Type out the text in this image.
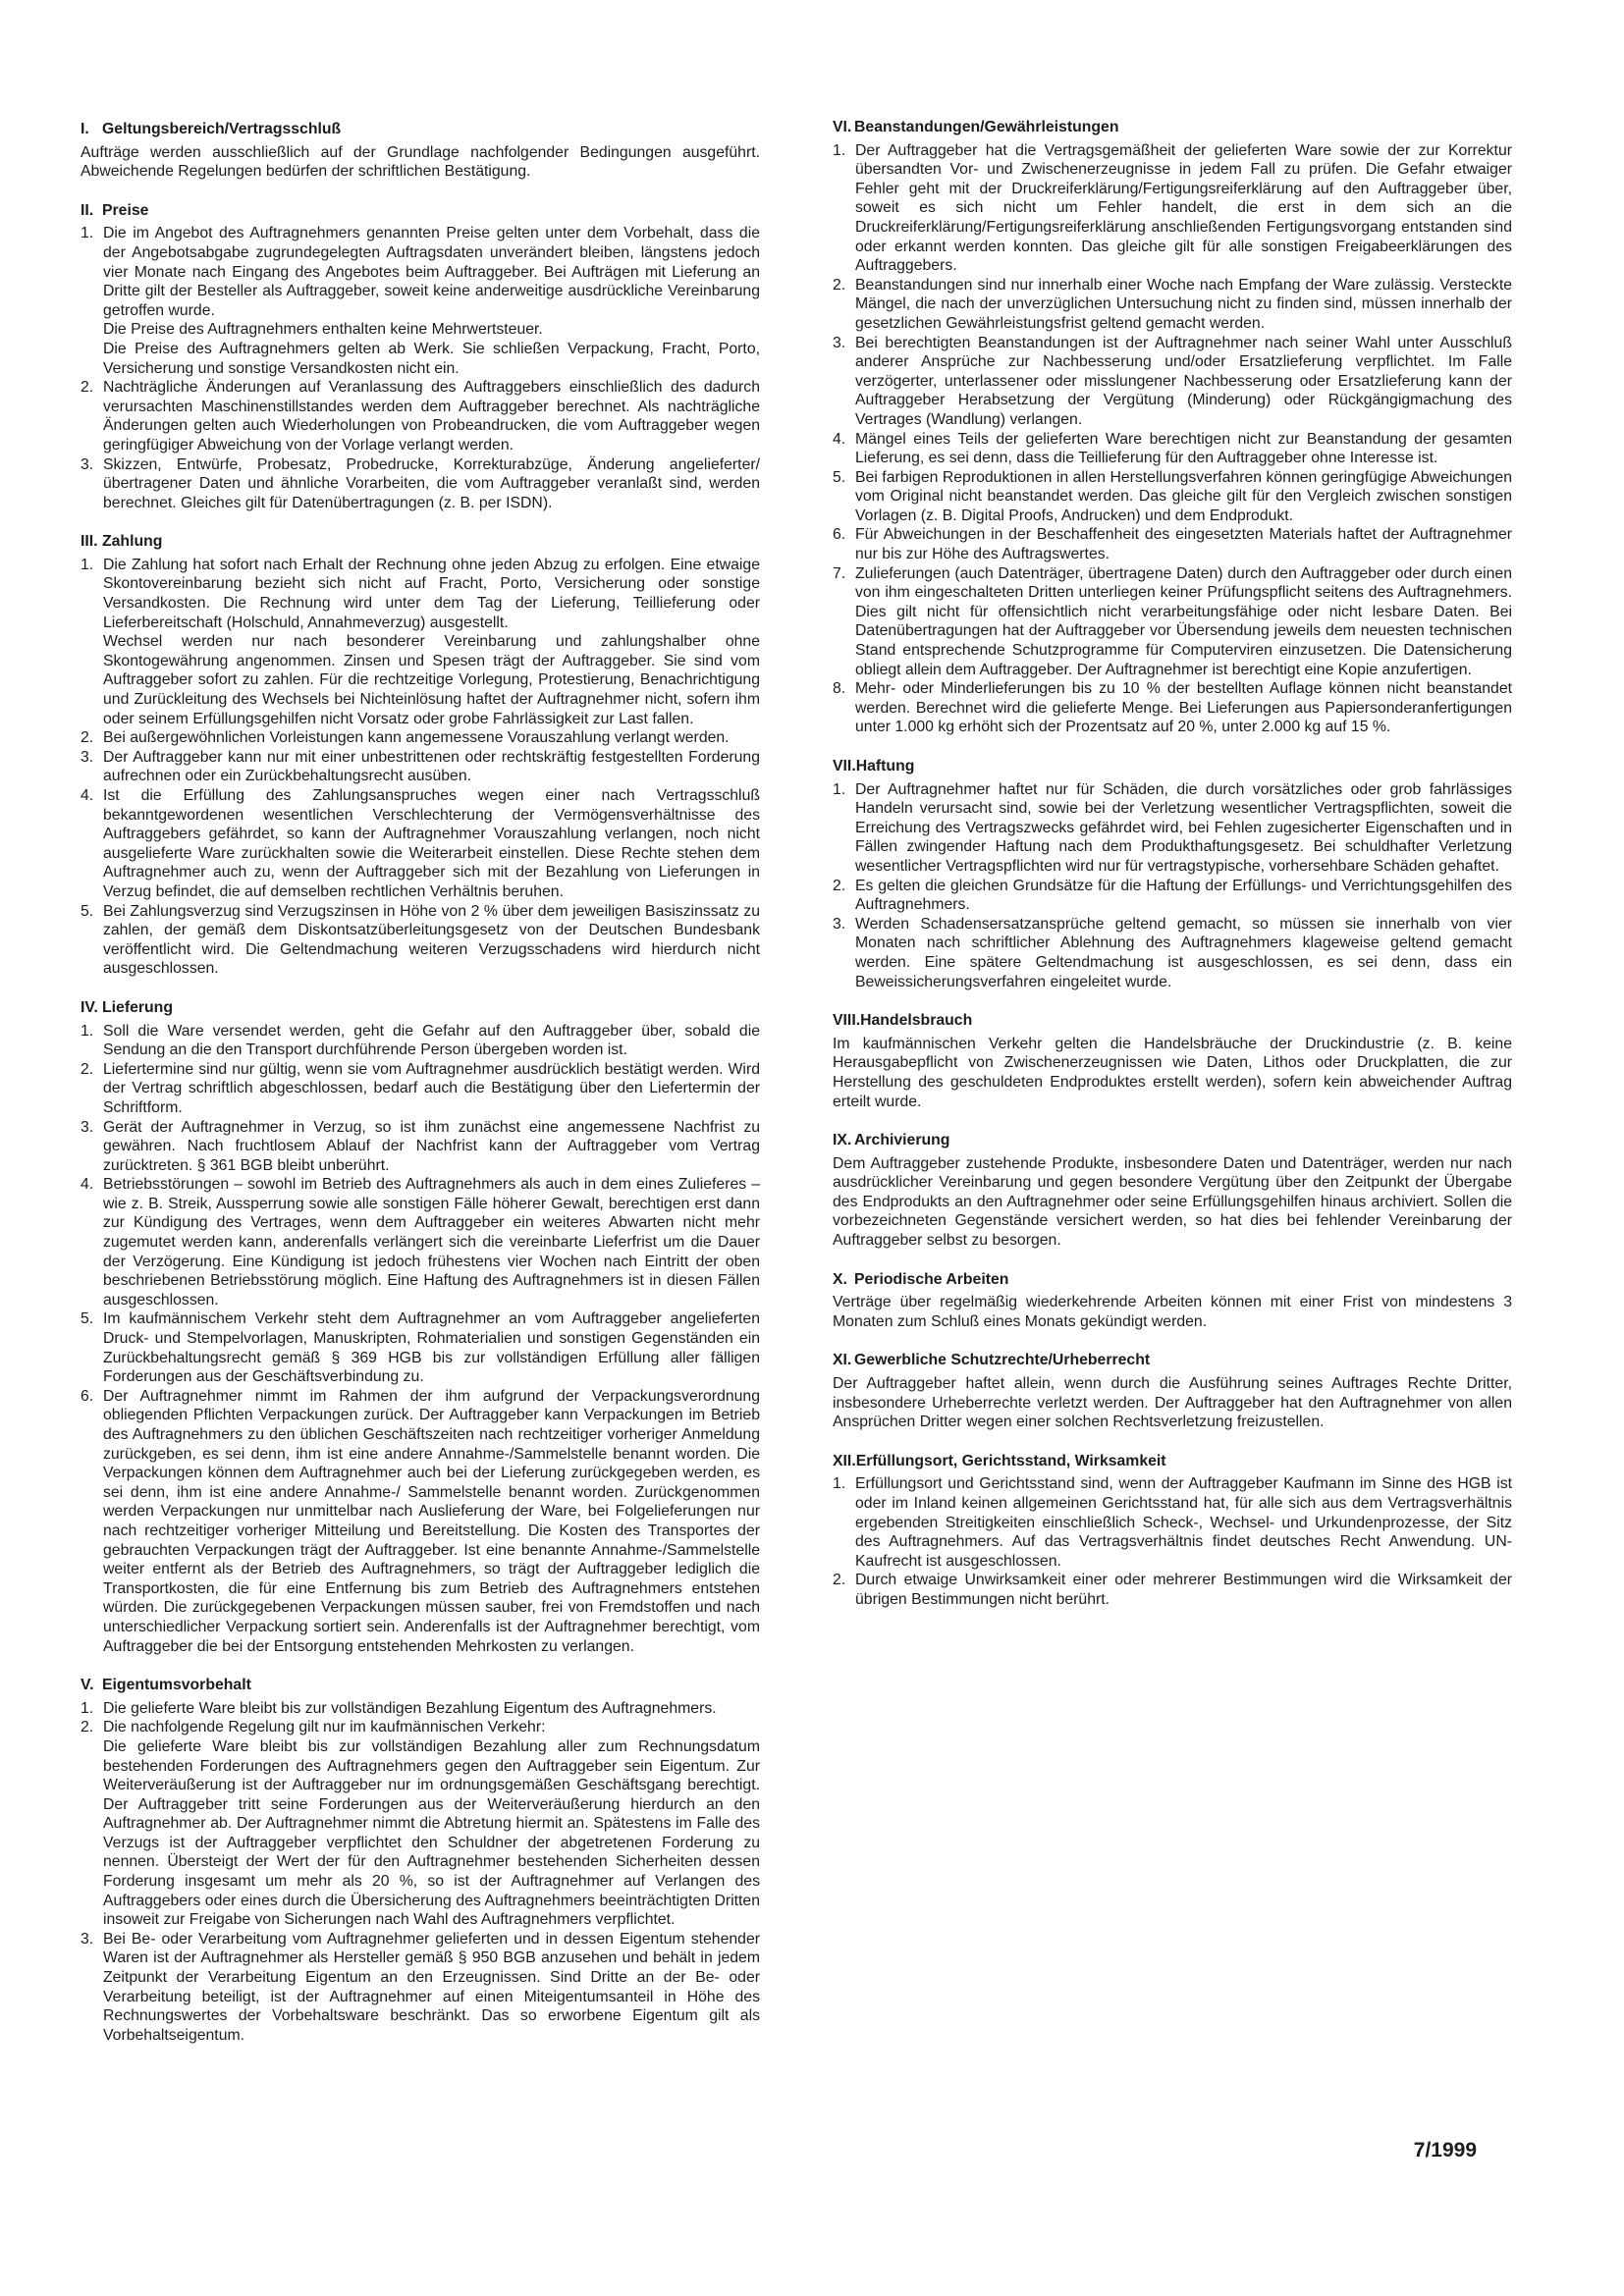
I. Geltungsbereich/Vertragsschluß

Aufträge werden ausschließlich auf der Grundlage nachfolgender Bedingungen ausgeführt. Abweichende Regelungen bedürfen der schriftlichen Bestätigung.

II. Preise
1. Die im Angebot des Auftragnehmers genannten Preise gelten unter dem Vorbehalt, dass die der Angebotsabgabe zugrundegelegten Auftragsdaten unverändert bleiben, längstens jedoch vier Monate nach Eingang des Angebotes beim Auftraggeber. Bei Aufträgen mit Lieferung an Dritte gilt der Besteller als Auftraggeber, soweit keine anderweitige ausdrückliche Vereinbarung getroffen wurde.
Die Preise des Auftragnehmers enthalten keine Mehrwertsteuer.
Die Preise des Auftragnehmers gelten ab Werk. Sie schließen Verpackung, Fracht, Porto, Versicherung und sonstige Versandkosten nicht ein.
2. Nachträgliche Änderungen auf Veranlassung des Auftraggebers einschließlich des dadurch verursachten Maschinenstillstandes werden dem Auftraggeber berechnet. Als nachträgliche Änderungen gelten auch Wiederholungen von Probeandrucken, die vom Auftraggeber wegen geringfügiger Abweichung von der Vorlage verlangt werden.
3. Skizzen, Entwürfe, Probesatz, Probedrucke, Korrekturabzüge, Änderung angelieferter/übertragener Daten und ähnliche Vorarbeiten, die vom Auftraggeber veranlaßt sind, werden berechnet. Gleiches gilt für Datenübertragungen (z. B. per ISDN).
III. Zahlung
1. Die Zahlung hat sofort nach Erhalt der Rechnung ohne jeden Abzug zu erfolgen. Eine etwaige Skontovereinbarung bezieht sich nicht auf Fracht, Porto, Versicherung oder sonstige Versandkosten. Die Rechnung wird unter dem Tag der Lieferung, Teillieferung oder Lieferbereitschaft (Holschuld, Annahmeverzug) ausgestellt.
Wechsel werden nur nach besonderer Vereinbarung und zahlungshalber ohne Skontogewährung angenommen. Zinsen und Spesen trägt der Auftraggeber. Sie sind vom Auftraggeber sofort zu zahlen. Für die rechtzeitige Vorlegung, Protestierung, Benachrichtigung und Zurückleitung des Wechsels bei Nichteinlösung haftet der Auftragnehmer nicht, sofern ihm oder seinem Erfüllungsgehilfen nicht Vorsatz oder grobe Fahrlässigkeit zur Last fallen.
2. Bei außergewöhnlichen Vorleistungen kann angemessene Vorauszahlung verlangt werden.
3. Der Auftraggeber kann nur mit einer unbestrittenen oder rechtskräftig festgestellten Forderung aufrechnen oder ein Zurückbehaltungsrecht ausüben.
4. Ist die Erfüllung des Zahlungsanspruches wegen einer nach Vertragsschluß bekanntgewordenen wesentlichen Verschlechterung der Vermögensverhältnisse des Auftraggebers gefährdet, so kann der Auftragnehmer Vorauszahlung verlangen, noch nicht ausgelieferte Ware zurückhalten sowie die Weiterarbeit einstellen. Diese Rechte stehen dem Auftragnehmer auch zu, wenn der Auftraggeber sich mit der Bezahlung von Lieferungen in Verzug befindet, die auf demselben rechtlichen Verhältnis beruhen.
5. Bei Zahlungsverzug sind Verzugszinsen in Höhe von 2 % über dem jeweiligen Basiszinssatz zu zahlen, der gemäß dem Diskontsatzüberleitungsgesetz von der Deutschen Bundesbank veröffentlicht wird. Die Geltendmachung weiteren Verzugsschadens wird hierdurch nicht ausgeschlossen.
IV. Lieferung
1. Soll die Ware versendet werden, geht die Gefahr auf den Auftraggeber über, sobald die Sendung an die den Transport durchführende Person übergeben worden ist.
2. Liefertermine sind nur gültig, wenn sie vom Auftragnehmer ausdrücklich bestätigt werden. Wird der Vertrag schriftlich abgeschlossen, bedarf auch die Bestätigung über den Liefertermin der Schriftform.
3. Gerät der Auftragnehmer in Verzug, so ist ihm zunächst eine angemessene Nachfrist zu gewähren. Nach fruchtlosem Ablauf der Nachfrist kann der Auftraggeber vom Vertrag zurücktreten. § 361 BGB bleibt unberührt.
4. Betriebsstörungen – sowohl im Betrieb des Auftragnehmers als auch in dem eines Zulieferes – wie z. B. Streik, Aussperrung sowie alle sonstigen Fälle höherer Gewalt, berechtigen erst dann zur Kündigung des Vertrages, wenn dem Auftraggeber ein weiteres Abwarten nicht mehr zugemutet werden kann, anderenfalls verlängert sich die vereinbarte Lieferfrist um die Dauer der Verzögerung. Eine Kündigung ist jedoch frühestens vier Wochen nach Eintritt der oben beschriebenen Betriebsstörung möglich. Eine Haftung des Auftragnehmers ist in diesen Fällen ausgeschlossen.
5. Im kaufmännischem Verkehr steht dem Auftragnehmer an vom Auftraggeber angelieferten Druck- und Stempelvorlagen, Manuskripten, Rohmaterialien und sonstigen Gegenständen ein Zurückbehaltungsrecht gemäß § 369 HGB bis zur vollständigen Erfüllung aller fälligen Forderungen aus der Geschäftsverbindung zu.
6. Der Auftragnehmer nimmt im Rahmen der ihm aufgrund der Verpackungsverordnung obliegenden Pflichten Verpackungen zurück. Der Auftraggeber kann Verpackungen im Betrieb des Auftragnehmers zu den üblichen Geschäftszeiten nach rechtzeitiger vorheriger Anmeldung zurückgeben, es sei denn, ihm ist eine andere Annahme-/Sammelstelle benannt worden. Die Verpackungen können dem Auftragnehmer auch bei der Lieferung zurückgegeben werden, es sei denn, ihm ist eine andere Annahme-/ Sammelstelle benannt worden. Zurückgenommen werden Verpackungen nur unmittelbar nach Auslieferung der Ware, bei Folgelieferungen nur nach rechtzeitiger vorheriger Mitteilung und Bereitstellung. Die Kosten des Transportes der gebrauchten Verpackungen trägt der Auftraggeber. Ist eine benannte Annahme-/Sammelstelle weiter entfernt als der Betrieb des Auftragnehmers, so trägt der Auftraggeber lediglich die Transportkosten, die für eine Entfernung bis zum Betrieb des Auftragnehmers entstehen würden. Die zurückgegebenen Verpackungen müssen sauber, frei von Fremdstoffen und nach unterschiedlicher Verpackung sortiert sein. Anderenfalls ist der Auftragnehmer berechtigt, vom Auftraggeber die bei der Entsorgung entstehenden Mehrkosten zu verlangen.
V. Eigentumsvorbehalt
1. Die gelieferte Ware bleibt bis zur vollständigen Bezahlung Eigentum des Auftragnehmers.
2. Die nachfolgende Regelung gilt nur im kaufmännischen Verkehr:
Die gelieferte Ware bleibt bis zur vollständigen Bezahlung aller zum Rechnungsdatum bestehenden Forderungen des Auftragnehmers gegen den Auftraggeber sein Eigentum. Zur Weiterveräußerung ist der Auftraggeber nur im ordnungsgemäßen Geschäftsgang berechtigt. Der Auftraggeber tritt seine Forderungen aus der Weiterveräußerung hierdurch an den Auftragnehmer ab. Der Auftragnehmer nimmt die Abtretung hiermit an. Spätestens im Falle des Verzugs ist der Auftraggeber verpflichtet den Schuldner der abgetretenen Forderung zu nennen. Übersteigt der Wert der für den Auftragnehmer bestehenden Sicherheiten dessen Forderung insgesamt um mehr als 20 %, so ist der Auftragnehmer auf Verlangen des Auftraggebers oder eines durch die Übersicherung des Auftragnehmers beeinträchtigten Dritten insoweit zur Freigabe von Sicherungen nach Wahl des Auftragnehmers verpflichtet.
3. Bei Be- oder Verarbeitung vom Auftragnehmer gelieferten und in dessen Eigentum stehender Waren ist der Auftragnehmer als Hersteller gemäß § 950 BGB anzusehen und behält in jedem Zeitpunkt der Verarbeitung Eigentum an den Erzeugnissen. Sind Dritte an der Be- oder Verarbeitung beteiligt, ist der Auftragnehmer auf einen Miteigentumsanteil in Höhe des Rechnungswertes der Vorbehaltsware beschränkt. Das so erworbene Eigentum gilt als Vorbehaltseigentum.
VI. Beanstandungen/Gewährleistungen
1. Der Auftraggeber hat die Vertragsgemäßheit der gelieferten Ware sowie der zur Korrektur übersandten Vor- und Zwischenerzeugnisse in jedem Fall zu prüfen. Die Gefahr etwaiger Fehler geht mit der Druckreiferklärung/Fertigungsreiferklärung auf den Auftraggeber über, soweit es sich nicht um Fehler handelt, die erst in dem sich an die Druckreiferklärung/Fertigungsreiferklärung anschließenden Fertigungsvorgang entstanden sind oder erkannt werden konnten. Das gleiche gilt für alle sonstigen Freigabeerklärungen des Auftraggebers.
2. Beanstandungen sind nur innerhalb einer Woche nach Empfang der Ware zulässig. Versteckte Mängel, die nach der unverzüglichen Untersuchung nicht zu finden sind, müssen innerhalb der gesetzlichen Gewährleistungsfrist geltend gemacht werden.
3. Bei berechtigten Beanstandungen ist der Auftragnehmer nach seiner Wahl unter Ausschluß anderer Ansprüche zur Nachbesserung und/oder Ersatzlieferung verpflichtet. Im Falle verzögerter, unterlassener oder misslungener Nachbesserung oder Ersatzlieferung kann der Auftraggeber Herabsetzung der Vergütung (Minderung) oder Rückgängigmachung des Vertrages (Wandlung) verlangen.
4. Mängel eines Teils der gelieferten Ware berechtigen nicht zur Beanstandung der gesamten Lieferung, es sei denn, dass die Teillieferung für den Auftraggeber ohne Interesse ist.
5. Bei farbigen Reproduktionen in allen Herstellungsverfahren können geringfügige Abweichungen vom Original nicht beanstandet werden. Das gleiche gilt für den Vergleich zwischen sonstigen Vorlagen (z. B. Digital Proofs, Andrucken) und dem Endprodukt.
6. Für Abweichungen in der Beschaffenheit des eingesetzten Materials haftet der Auftragnehmer nur bis zur Höhe des Auftragswertes.
7. Zulieferungen (auch Datenträger, übertragene Daten) durch den Auftraggeber oder durch einen von ihm eingeschalteten Dritten unterliegen keiner Prüfungspflicht seitens des Auftragnehmers. Dies gilt nicht für offensichtlich nicht verarbeitungsfähige oder nicht lesbare Daten. Bei Datenübertragungen hat der Auftraggeber vor Übersendung jeweils dem neuesten technischen Stand entsprechende Schutzprogramme für Computerviren einzusetzen. Die Datensicherung obliegt allein dem Auftraggeber. Der Auftragnehmer ist berechtigt eine Kopie anzufertigen.
8. Mehr- oder Minderlieferungen bis zu 10 % der bestellten Auflage können nicht beanstandet werden. Berechnet wird die gelieferte Menge. Bei Lieferungen aus Papiersonderanfertigungen unter 1.000 kg erhöht sich der Prozentsatz auf 20 %, unter 2.000 kg auf 15 %.
VII.Haftung
1. Der Auftragnehmer haftet nur für Schäden, die durch vorsätzliches oder grob fahrlässiges Handeln verursacht sind, sowie bei der Verletzung wesentlicher Vertragspflichten, soweit die Erreichung des Vertragszwecks gefährdet wird, bei Fehlen zugesicherter Eigenschaften und in Fällen zwingender Haftung nach dem Produkthaftungsgesetz. Bei schuldhafter Verletzung wesentlicher Vertragspflichten wird nur für vertragstypische, vorhersehbare Schäden gehaftet.
2. Es gelten die gleichen Grundsätze für die Haftung der Erfüllungs- und Verrichtungsgehilfen des Auftragnehmers.
3. Werden Schadensersatzansprüche geltend gemacht, so müssen sie innerhalb von vier Monaten nach schriftlicher Ablehnung des Auftragnehmers klageweise geltend gemacht werden. Eine spätere Geltendmachung ist ausgeschlossen, es sei denn, dass ein Beweissicherungsverfahren eingeleitet wurde.
VIII.Handelsbrauch

Im kaufmännischen Verkehr gelten die Handelsbräuche der Druckindustrie (z. B. keine Herausgabepflicht von Zwischenerzeugnissen wie Daten, Lithos oder Druckplatten, die zur Herstellung des geschuldeten Endproduktes erstellt werden), sofern kein abweichender Auftrag erteilt wurde.

IX. Archivierung

Dem Auftraggeber zustehende Produkte, insbesondere Daten und Datenträger, werden nur nach ausdrücklicher Vereinbarung und gegen besondere Vergütung über den Zeitpunkt der Übergabe des Endprodukts an den Auftragnehmer oder seine Erfüllungsgehilfen hinaus archiviert. Sollen die vorbezeichneten Gegenstände versichert werden, so hat dies bei fehlender Vereinbarung der Auftraggeber selbst zu besorgen.

X. Periodische Arbeiten

Verträge über regelmäßig wiederkehrende Arbeiten können mit einer Frist von mindestens 3 Monaten zum Schluß eines Monats gekündigt werden.

XI. Gewerbliche Schutzrechte/Urheberrecht

Der Auftraggeber haftet allein, wenn durch die Ausführung seines Auftrages Rechte Dritter, insbesondere Urheberrechte verletzt werden. Der Auftraggeber hat den Auftragnehmer von allen Ansprüchen Dritter wegen einer solchen Rechtsverletzung freizustellen.

XII.Erfüllungsort, Gerichtsstand, Wirksamkeit
1. Erfüllungsort und Gerichtsstand sind, wenn der Auftraggeber Kaufmann im Sinne des HGB ist oder im Inland keinen allgemeinen Gerichtsstand hat, für alle sich aus dem Vertragsverhältnis ergebenden Streitigkeiten einschließlich Scheck-, Wechsel- und Urkundenprozesse, der Sitz des Auftragnehmers. Auf das Vertragsverhältnis findet deutsches Recht Anwendung. UN-Kaufrecht ist ausgeschlossen.
2. Durch etwaige Unwirksamkeit einer oder mehrerer Bestimmungen wird die Wirksamkeit der übrigen Bestimmungen nicht berührt.
7/1999
